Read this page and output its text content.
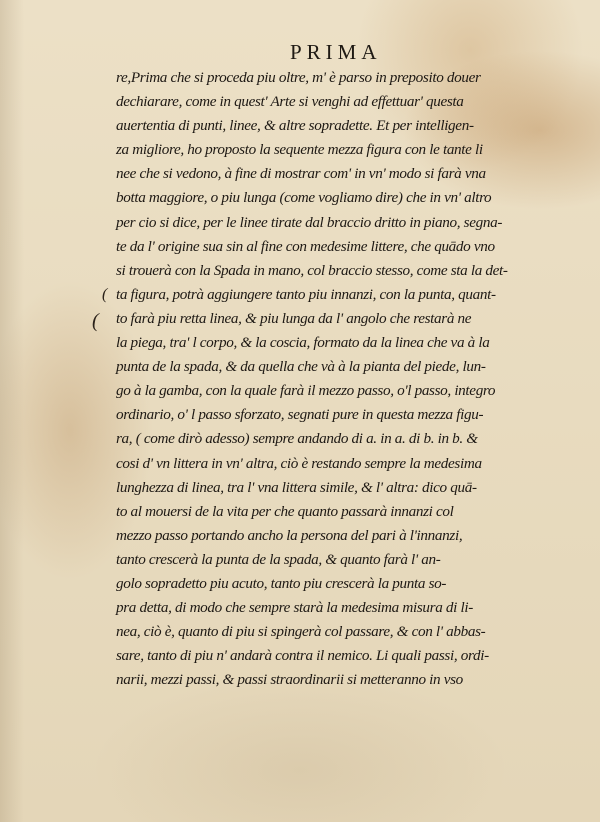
PRIMA
(
(
re,Prima che si proceda piu oltre, m' è parso in preposito douer
dechiarare, come in quest' Arte si venghi ad effettuar' questa
auertentia di punti, linee, & altre sopradette. Et per intelligen-
za migliore, ho proposto la sequente mezza figura con le tante li
nee che si vedono, à fine di mostrar com' in vn' modo si farà vna
botta maggiore, o piu lunga (come vogliamo dire) che in vn' altro
per cio si dice, per le linee tirate dal braccio dritto in piano, segna-
te da l' origine sua sin al fine con medesime littere, che quādo vno
si trouerà con la Spada in mano, col braccio stesso, come sta la det-
ta figura, potrà aggiungere tanto piu innanzi, con la punta, quant-
to farà piu retta linea, & piu lunga da l' angolo che restarà ne
la piega, tra' l corpo, & la coscia, formato da la linea che va à la
punta de la spada, & da quella che và à la pianta del piede, lun-
go à la gamba, con la quale farà il mezzo passo, o'l passo, integro
ordinario, o' l passo sforzato, segnati pure in questa mezza figu-
ra, ( come dirò adesso) sempre andando di a. in a. di b. in b. &
cosi d' vn littera in vn' altra, ciò è restando sempre la medesima
lunghezza di linea, tra l' vna littera simile, & l' altra: dico quā-
to al mouersi de la vita per che quanto passarà innanzi col
mezzo passo portando ancho la persona del pari à l'innanzi,
tanto crescerà la punta de la spada, & quanto farà l' an-
golo sopradetto piu acuto, tanto piu crescerà la punta so-
pra detta, di modo che sempre starà la medesima misura di li-
nea, ciò è, quanto di piu si spingerà col passare, & con l' abbas-
sare, tanto di piu n' andarà contra il nemico. Li quali passi, ordi-
narii, mezzi passi, & passi straordinarii si metteranno in vso
